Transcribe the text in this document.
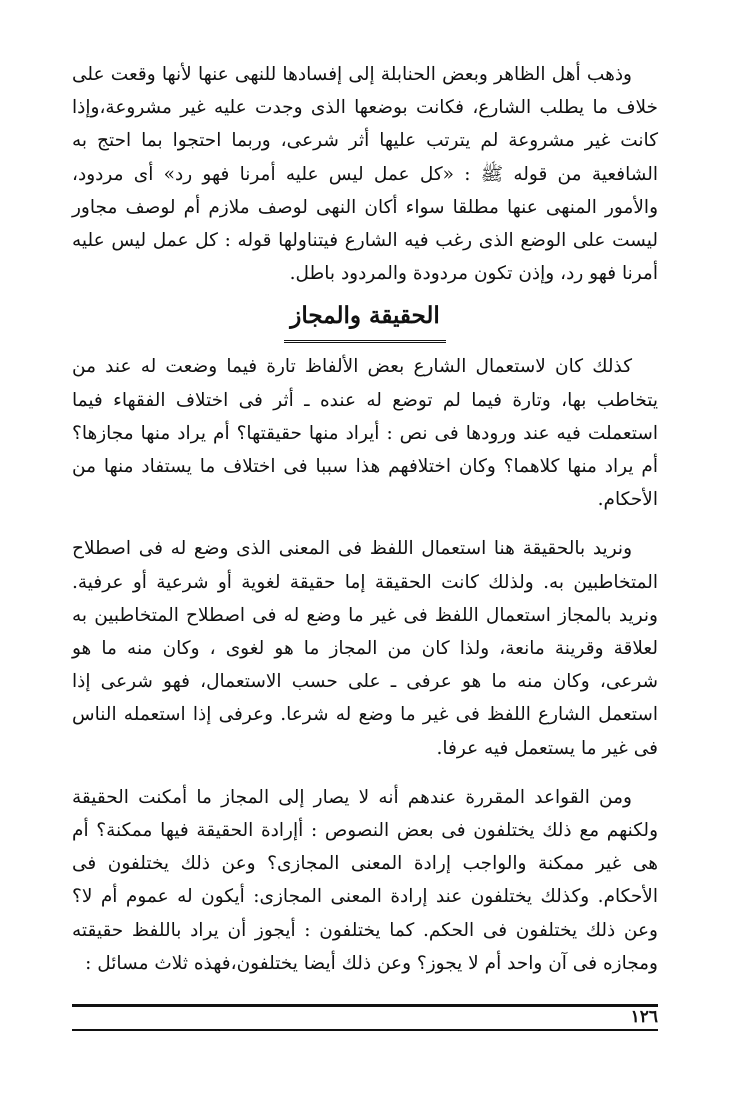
وذهب أهل الظاهر وبعض الحنابلة إلى إفسادها للنهى عنها لأنها وقعت على خلاف ما يطلب الشارع، فكانت بوضعها الذى وجدت عليه غير مشروعة،وإذا كانت غير مشروعة لم يترتب عليها أثر شرعى، وربما احتجوا بما احتج به الشافعية من قوله ﷺ : «كل عمل ليس عليه أمرنا فهو رد» أى مردود، والأمور المنهى عنها مطلقا سواء أكان النهى لوصف ملازم أم لوصف مجاور ليست على الوضع الذى رغب فيه الشارع فيتناولها قوله : كل عمل ليس عليه أمرنا فهو رد، وإذن تكون مردودة والمردود باطل.

الحقيقة والمجاز

كذلك كان لاستعمال الشارع بعض الألفاظ تارة فيما وضعت له عند من يتخاطب بها، وتارة فيما لم توضع له عنده ـ أثر فى اختلاف الفقهاء فيما استعملت فيه عند ورودها فى نص : أيراد منها حقيقتها؟ أم يراد منها مجازها؟ أم يراد منها كلاهما؟ وكان اختلافهم هذا سببا فى اختلاف ما يستفاد منها من الأحكام.

ونريد بالحقيقة هنا استعمال اللفظ فى المعنى الذى وضع له فى اصطلاح المتخاطبين به. ولذلك كانت الحقيقة إما حقيقة لغوية أو شرعية أو عرفية. ونريد بالمجاز استعمال اللفظ فى غير ما وضع له فى اصطلاح المتخاطبين به لعلاقة وقرينة مانعة، ولذا كان من المجاز ما هو لغوى ، وكان منه ما هو شرعى، وكان منه ما هو عرفى ـ على حسب الاستعمال، فهو شرعى إذا استعمل الشارع اللفظ فى غير ما وضع له شرعا. وعرفى إذا استعمله الناس فى غير ما يستعمل فيه عرفا.

ومن القواعد المقررة عندهم أنه لا يصار إلى المجاز ما أمكنت الحقيقة ولكنهم مع ذلك يختلفون فى بعض النصوص : أإرادة الحقيقة فيها ممكنة؟ أم هى غير ممكنة والواجب إرادة المعنى المجازى؟ وعن ذلك يختلفون فى الأحكام. وكذلك يختلفون عند إرادة المعنى المجازى: أيكون له عموم أم لا؟ وعن ذلك يختلفون فى الحكم. كما يختلفون : أيجوز أن يراد باللفظ حقيقته ومجازه فى آن واحد أم لا يجوز؟ وعن ذلك أيضا يختلفون،فهذه ثلاث مسائل :

١٢٦
